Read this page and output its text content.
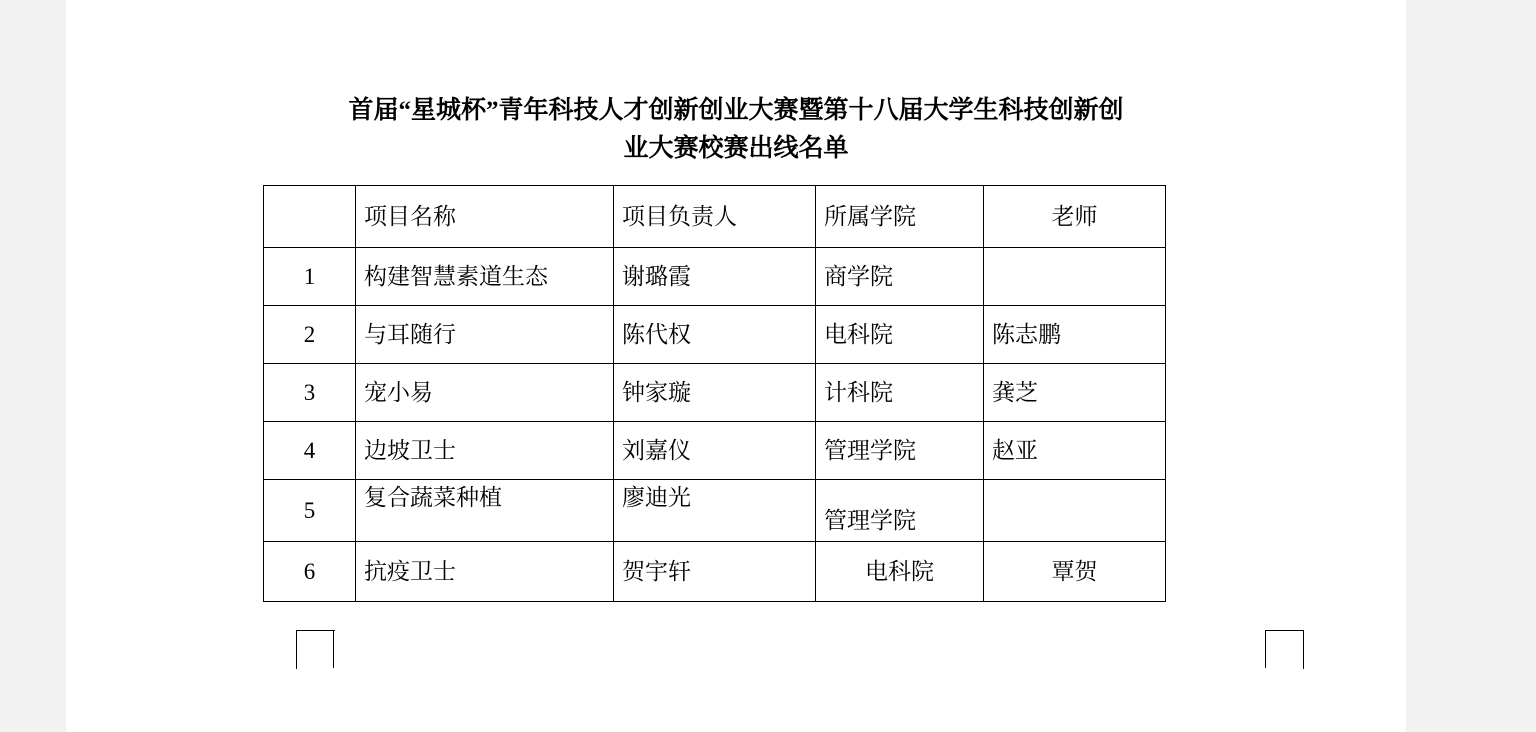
首届“星城杯”青年科技人才创新创业大赛暨第十八届大学生科技创新创
业大赛校赛出线名单
	项目名称	项目负责人	所属学院	老师
1	构建智慧素道生态	谢璐霞	商学院	
2	与耳随行	陈代权	电科院	陈志鹏
3	宠小易	钟家璇	计科院	龚芝
4	边坡卫士	刘嘉仪	管理学院	赵亚
5	复合蔬菜种植	廖迪光	管理学院	
6	抗疫卫士	贺宇轩	电科院	覃贺
